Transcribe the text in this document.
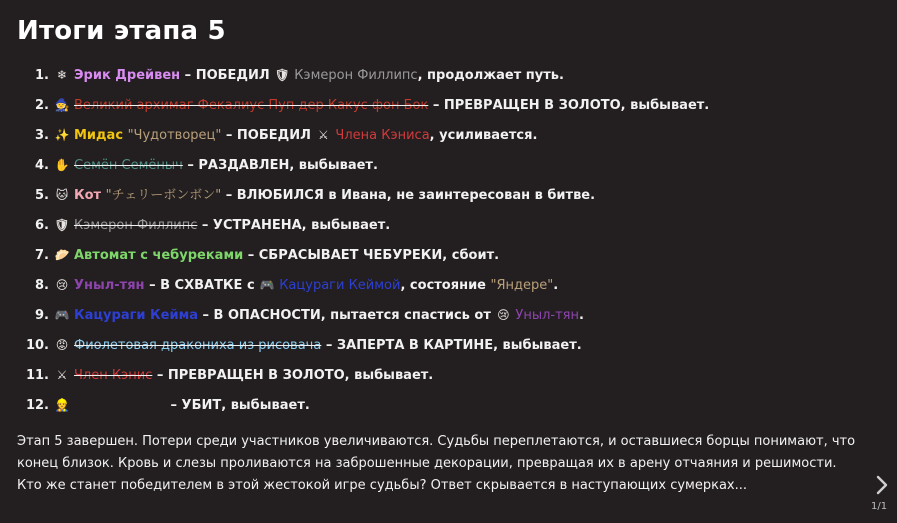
Итоги этапа 5
1. ❄ Эрик Дрейвен – ПОБЕДИЛ 🛡 Кэмерон Филлипс, продолжает путь.
2. 🧙 Великий архимаг Фекалиус Пуп дер Какус фон Бок – ПРЕВРАЩЕН В ЗОЛОТО, выбывает.
3. ✨ Мидас "Чудотворец" – ПОБЕДИЛ ⚔ Члена Кэниса, усиливается.
4. ✋ Семён Семёныч – РАЗДАВЛЕН, выбывает.
5. 🐱 Кот "チェリーボンボン" – ВЛЮБИЛСЯ в Ивана, не заинтересован в битве.
6. 🛡 Кэмерон Филлипс – УСТРАНЕНА, выбывает.
7. 🥟 Автомат с чебуреками – СБРАСЫВАЕТ ЧЕБУРЕКИ, сбоит.
8. 😢 Уныл-тян – В СХВАТКЕ с 🎮 Кацураги Кеймой, состояние "Яндере".
9. 🎮 Кацураги Кейма – В ОПАСНОСТИ, пытается спастись от 😢 Уныл-тян.
10. 😡 Фиолетовая дракониха из рисовача – ЗАПЕРТА В КАРТИНЕ, выбывает.
11. ⚔ Член Кэнис – ПРЕВРАЩЕН В ЗОЛОТО, выбывает.
12. 👷	– УБИТ, выбывает.

Этап 5 завершен. Потери среди участников увеличиваются. Судьбы переплетаются, и оставшиеся борцы понимают, что конец близок. Кровь и слезы проливаются на заброшенные декорации, превращая их в арену отчаяния и решимости. Кто же станет победителем в этой жестокой игре судьбы? Ответ скрывается в наступающих сумерках...

1/1
